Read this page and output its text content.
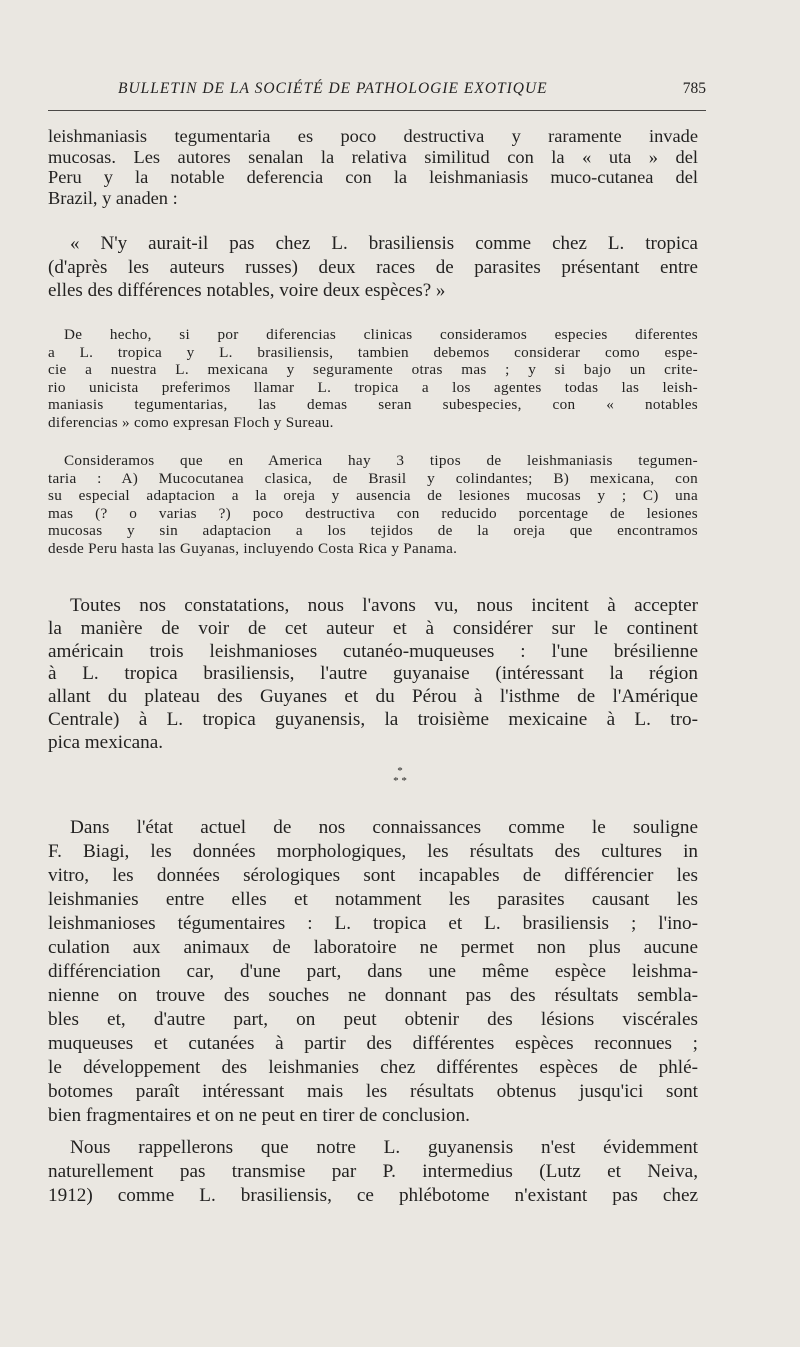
BULLETIN DE LA SOCIÉTÉ DE PATHOLOGIE EXOTIQUE	785

leishmaniasis tegumentaria es poco destructiva y raramente invade
mucosas. Les autores senalan la relativa similitud con la « uta » del
Peru y la notable deferencia con la leishmaniasis muco-cutanea del
Brazil, y anaden :

« N'y aurait-il pas chez L. brasiliensis comme chez L. tropica
(d'après les auteurs russes) deux races de parasites présentant entre
elles des différences notables, voire deux espèces? »

De hecho, si por diferencias clinicas consideramos especies diferentes
a L. tropica y L. brasiliensis, tambien debemos considerar como espe-
cie a nuestra L. mexicana y seguramente otras mas ; y si bajo un crite-
rio unicista preferimos llamar L. tropica a los agentes todas las leish-
maniasis tegumentarias, las demas seran subespecies, con « notables
diferencias » como expresan Floch y Sureau.

Consideramos que en America hay 3 tipos de leishmaniasis tegumen-
taria : A) Mucocutanea clasica, de Brasil y colindantes; B) mexicana, con
su especial adaptacion a la oreja y ausencia de lesiones mucosas y ; C) una
mas (? o varias ?) poco destructiva con reducido porcentage de lesiones
mucosas y sin adaptacion a los tejidos de la oreja que encontramos
desde Peru hasta las Guyanas, incluyendo Costa Rica y Panama.

Toutes nos constatations, nous l'avons vu, nous incitent à accepter
la manière de voir de cet auteur et à considérer sur le continent
américain trois leishmanioses cutanéo-muqueuses : l'une brésilienne
à L. tropica brasiliensis, l'autre guyanaise (intéressant la région
allant du plateau des Guyanes et du Pérou à l'isthme de l'Amérique
Centrale) à L. tropica guyanensis, la troisième mexicaine à L. tro-
pica mexicana.

*
* *

Dans l'état actuel de nos connaissances comme le souligne
F. Biagi, les données morphologiques, les résultats des cultures in
vitro, les données sérologiques sont incapables de différencier les
leishmanies entre elles et notamment les parasites causant les
leishmanioses tégumentaires : L. tropica et L. brasiliensis ; l'ino-
culation aux animaux de laboratoire ne permet non plus aucune
différenciation car, d'une part, dans une même espèce leishma-
nienne on trouve des souches ne donnant pas des résultats sembla-
bles et, d'autre part, on peut obtenir des lésions viscérales
muqueuses et cutanées à partir des différentes espèces reconnues ;
le développement des leishmanies chez différentes espèces de phlé-
botomes paraît intéressant mais les résultats obtenus jusqu'ici sont
bien fragmentaires et on ne peut en tirer de conclusion.

Nous rappellerons que notre L. guyanensis n'est évidemment
naturellement pas transmise par P. intermedius (Lutz et Neiva,
1912) comme L. brasiliensis, ce phlébotome n'existant pas chez
